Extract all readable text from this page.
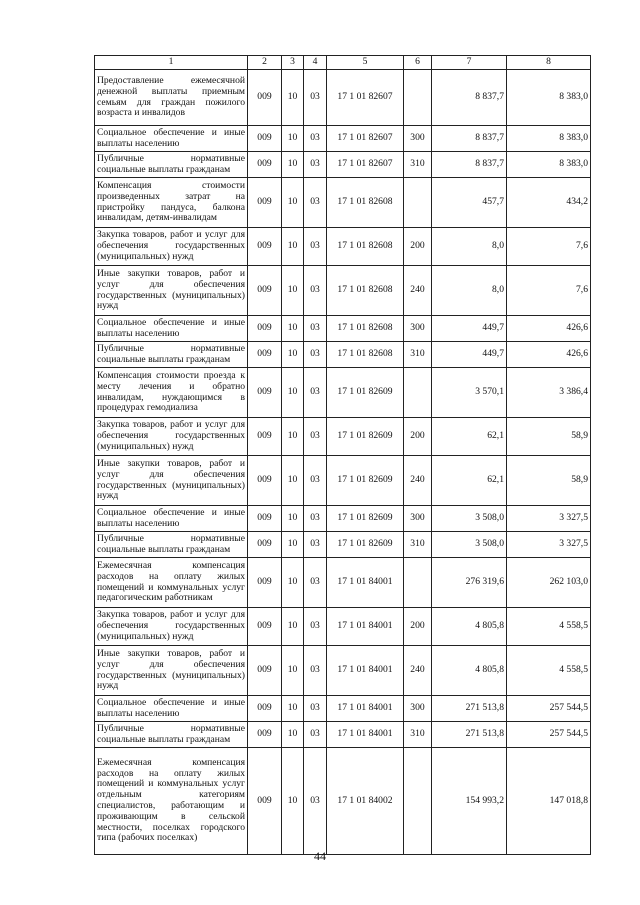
1	2	3	4	5	6	7	8
Предоставление ежемесячной денежной выплаты приемным семьям для граждан пожилого возраста и инвалидов	009	10	03	17 1 01 82607		8 837,7	8 383,0
Социальное обеспечение и иные выплаты населению	009	10	03	17 1 01 82607	300	8 837,7	8 383,0
Публичные нормативные социальные выплаты гражданам	009	10	03	17 1 01 82607	310	8 837,7	8 383,0
Компенсация стоимости произведенных затрат на пристройку пандуса, балкона инвалидам, детям-инвалидам	009	10	03	17 1 01 82608		457,7	434,2
Закупка товаров, работ и услуг для обеспечения государственных (муниципальных) нужд	009	10	03	17 1 01 82608	200	8,0	7,6
Иные закупки товаров, работ и услуг для обеспечения государственных (муниципальных) нужд	009	10	03	17 1 01 82608	240	8,0	7,6
Социальное обеспечение и иные выплаты населению	009	10	03	17 1 01 82608	300	449,7	426,6
Публичные нормативные социальные выплаты гражданам	009	10	03	17 1 01 82608	310	449,7	426,6
Компенсация стоимости проезда к месту лечения и обратно инвалидам, нуждающимся в процедурах гемодиализа	009	10	03	17 1 01 82609		3 570,1	3 386,4
Закупка товаров, работ и услуг для обеспечения государственных (муниципальных) нужд	009	10	03	17 1 01 82609	200	62,1	58,9
Иные закупки товаров, работ и услуг для обеспечения государственных (муниципальных) нужд	009	10	03	17 1 01 82609	240	62,1	58,9
Социальное обеспечение и иные выплаты населению	009	10	03	17 1 01 82609	300	3 508,0	3 327,5
Публичные нормативные социальные выплаты гражданам	009	10	03	17 1 01 82609	310	3 508,0	3 327,5
Ежемесячная компенсация расходов на оплату жилых помещений и коммунальных услуг педагогическим работникам	009	10	03	17 1 01 84001		276 319,6	262 103,0
Закупка товаров, работ и услуг для обеспечения государственных (муниципальных) нужд	009	10	03	17 1 01 84001	200	4 805,8	4 558,5
Иные закупки товаров, работ и услуг для обеспечения государственных (муниципальных) нужд	009	10	03	17 1 01 84001	240	4 805,8	4 558,5
Социальное обеспечение и иные выплаты населению	009	10	03	17 1 01 84001	300	271 513,8	257 544,5
Публичные нормативные социальные выплаты гражданам	009	10	03	17 1 01 84001	310	271 513,8	257 544,5
Ежемесячная компенсация расходов на оплату жилых помещений и коммунальных услуг отдельным категориям специалистов, работающим и проживающим в сельской местности, поселках городского типа (рабочих поселках)	009	10	03	17 1 01 84002		154 993,2	147 018,8
44
